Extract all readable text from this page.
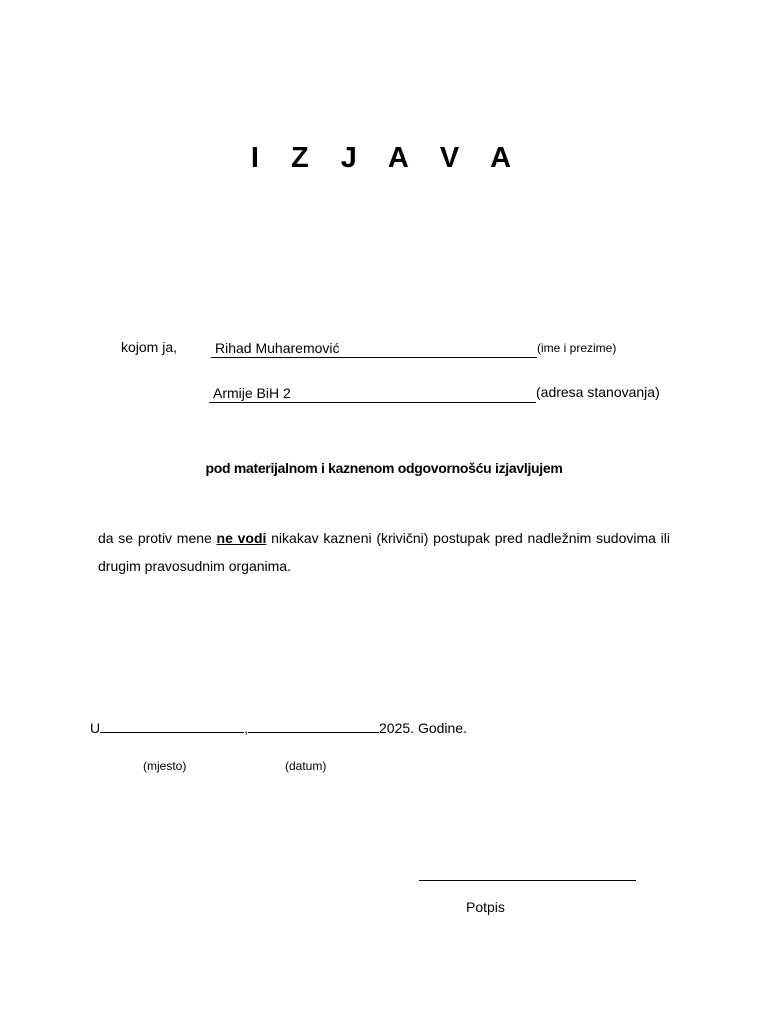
I Z J A V A
kojom ja,	Rihad Muharemović	(ime i prezime)
Armije BiH 2	(adresa stanovanja)
pod materijalnom i kaznenom odgovornošću izjavljujem
da se protiv mene ne vodi nikakav kazneni (krivični) postupak pred nadležnim sudovima ili drugim pravosudnim organima.
U	,	2025. Godine.
(mjesto)	(datum)
Potpis
